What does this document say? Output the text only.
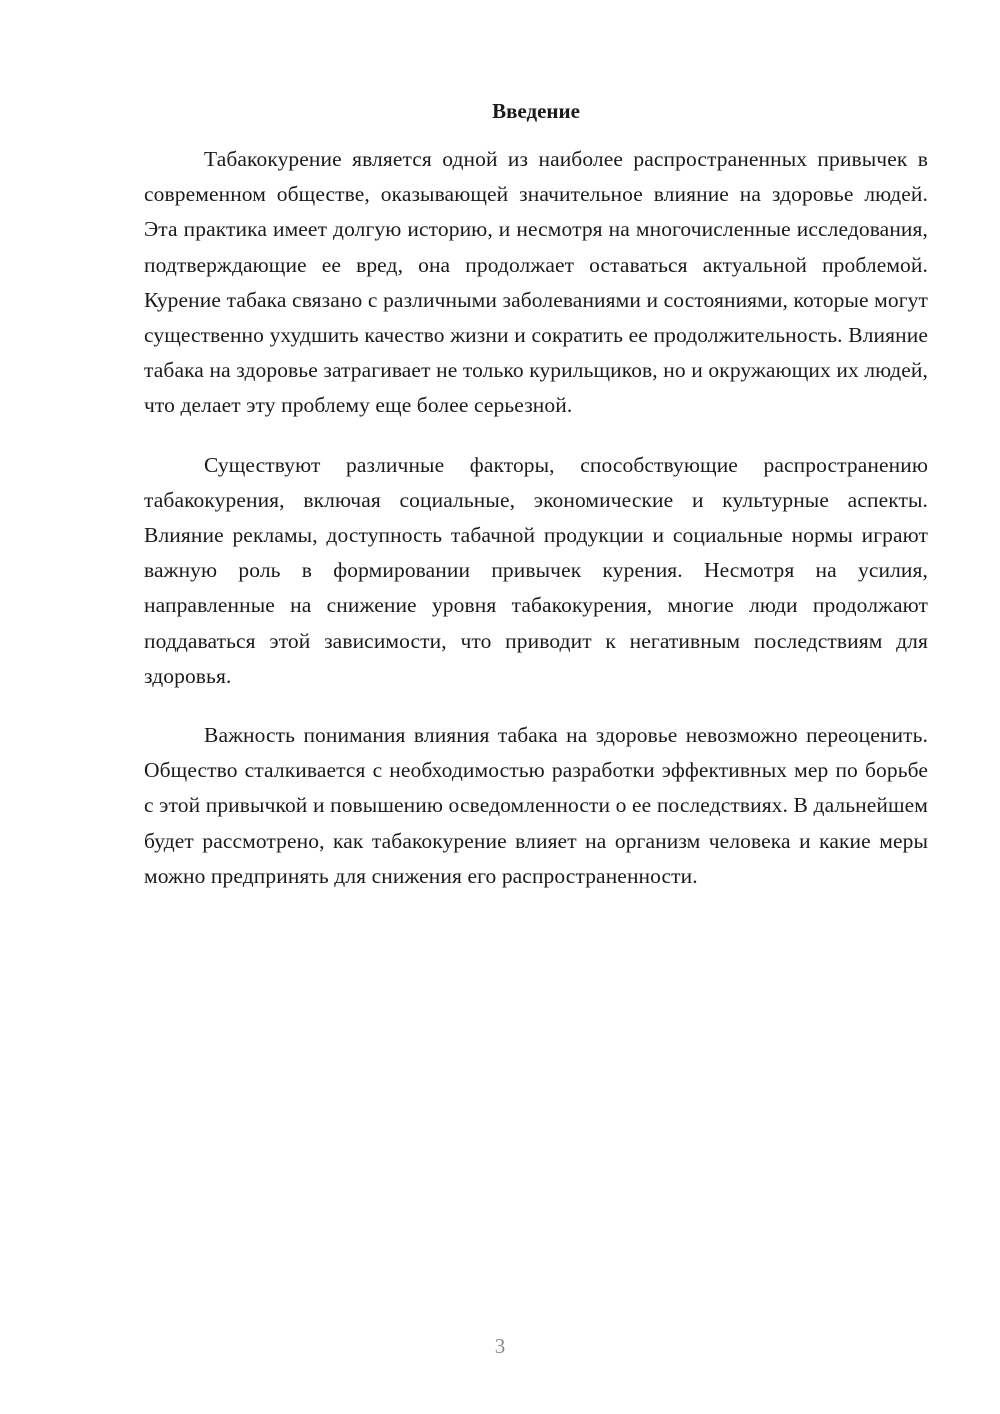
Введение

Табакокурение является одной из наиболее распространенных привычек в современном обществе, оказывающей значительное влияние на здоровье людей. Эта практика имеет долгую историю, и несмотря на многочисленные исследования, подтверждающие ее вред, она продолжает оставаться актуальной проблемой. Курение табака связано с различными заболеваниями и состояниями, которые могут существенно ухудшить качество жизни и сократить ее продолжительность. Влияние табака на здоровье затрагивает не только курильщиков, но и окружающих их людей, что делает эту проблему еще более серьезной.

Существуют различные факторы, способствующие распространению табакокурения, включая социальные, экономические и культурные аспекты. Влияние рекламы, доступность табачной продукции и социальные нормы играют важную роль в формировании привычек курения. Несмотря на усилия, направленные на снижение уровня табакокурения, многие люди продолжают поддаваться этой зависимости, что приводит к негативным последствиям для здоровья.

Важность понимания влияния табака на здоровье невозможно переоценить. Общество сталкивается с необходимостью разработки эффективных мер по борьбе с этой привычкой и повышению осведомленности о ее последствиях. В дальнейшем будет рассмотрено, как табакокурение влияет на организм человека и какие меры можно предпринять для снижения его распространенности.

3
